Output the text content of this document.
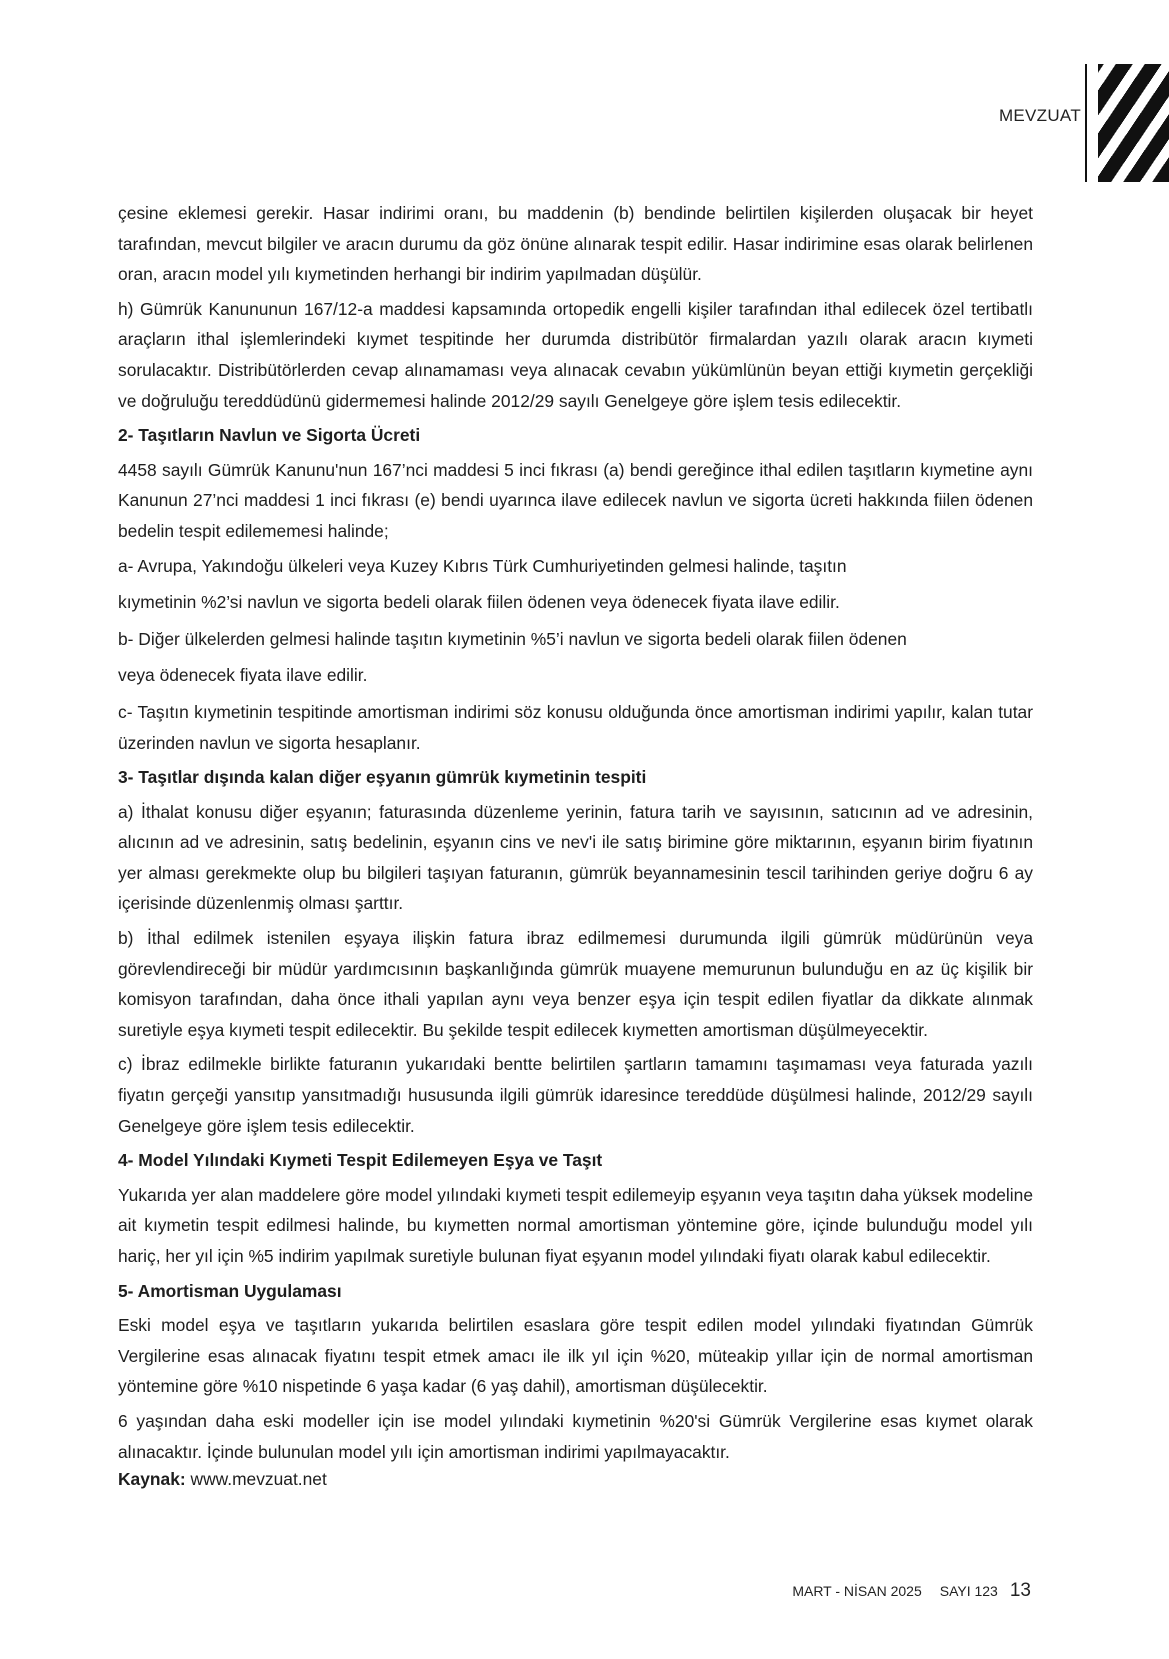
MEVZUAT

çesine eklemesi gerekir. Hasar indirimi oranı, bu maddenin (b) bendinde belirtilen kişilerden oluşacak bir heyet tarafından, mevcut bilgiler ve aracın durumu da göz önüne alınarak tespit edilir. Hasar indirimine esas olarak belirlenen oran, aracın model yılı kıymetinden herhangi bir indirim yapılmadan düşülür.

h) Gümrük Kanununun 167/12-a maddesi kapsamında ortopedik engelli kişiler tarafından ithal edilecek özel tertibatlı araçların ithal işlemlerindeki kıymet tespitinde her durumda distribütör firmalardan yazılı olarak aracın kıymeti sorulacaktır. Distribütörlerden cevap alınamaması veya alınacak cevabın yükümlünün beyan ettiği kıymetin gerçekliği ve doğruluğu tereddüdünü gidermemesi halinde 2012/29 sayılı Genelgeye göre işlem tesis edilecektir.

2- Taşıtların Navlun ve Sigorta Ücreti

4458 sayılı Gümrük Kanunu'nun 167’nci maddesi 5 inci fıkrası (a) bendi gereğince ithal edilen taşıtların kıymetine aynı Kanunun 27’nci maddesi 1 inci fıkrası (e) bendi uyarınca ilave edilecek navlun ve sigorta ücreti hakkında fiilen ödenen bedelin tespit edilememesi halinde;

a- Avrupa, Yakındoğu ülkeleri veya Kuzey Kıbrıs Türk Cumhuriyetinden gelmesi halinde, taşıtın

kıymetinin %2’si navlun ve sigorta bedeli olarak fiilen ödenen veya ödenecek fiyata ilave edilir.

b- Diğer ülkelerden gelmesi halinde taşıtın kıymetinin %5’i navlun ve sigorta bedeli olarak fiilen ödenen

veya ödenecek fiyata ilave edilir.

c- Taşıtın kıymetinin tespitinde amortisman indirimi söz konusu olduğunda önce amortisman indirimi yapılır, kalan tutar üzerinden navlun ve sigorta hesaplanır.

3- Taşıtlar dışında kalan diğer eşyanın gümrük kıymetinin tespiti

a) İthalat konusu diğer eşyanın; faturasında düzenleme yerinin, fatura tarih ve sayısının, satıcının ad ve adresinin, alıcının ad ve adresinin, satış bedelinin, eşyanın cins ve nev'i ile satış birimine göre miktarının, eşyanın birim fiyatının yer alması gerekmekte olup bu bilgileri taşıyan faturanın, gümrük beyannamesinin tescil tarihinden geriye doğru 6 ay içerisinde düzenlenmiş olması şarttır.

b) İthal edilmek istenilen eşyaya ilişkin fatura ibraz edilmemesi durumunda ilgili gümrük müdürünün veya görevlendireceği bir müdür yardımcısının başkanlığında gümrük muayene memurunun bulunduğu en az üç kişilik bir komisyon tarafından, daha önce ithali yapılan aynı veya benzer eşya için tespit edilen fiyatlar da dikkate alınmak suretiyle eşya kıymeti tespit edilecektir. Bu şekilde tespit edilecek kıymetten amortisman düşülmeyecektir.

c) İbraz edilmekle birlikte faturanın yukarıdaki bentte belirtilen şartların tamamını taşımaması veya faturada yazılı fiyatın gerçeği yansıtıp yansıtmadığı hususunda ilgili gümrük idaresince tereddüde düşülmesi halinde, 2012/29 sayılı Genelgeye göre işlem tesis edilecektir.

4- Model Yılındaki Kıymeti Tespit Edilemeyen Eşya ve Taşıt

Yukarıda yer alan maddelere göre model yılındaki kıymeti tespit edilemeyip eşyanın veya taşıtın daha yüksek modeline ait kıymetin tespit edilmesi halinde, bu kıymetten normal amortisman yöntemine göre, içinde bulunduğu model yılı hariç, her yıl için %5 indirim yapılmak suretiyle bulunan fiyat eşyanın model yılındaki fiyatı olarak kabul edilecektir.

5- Amortisman Uygulaması

Eski model eşya ve taşıtların yukarıda belirtilen esaslara göre tespit edilen model yılındaki fiyatından Gümrük Vergilerine esas alınacak fiyatını tespit etmek amacı ile ilk yıl için %20, müteakip yıllar için de normal amortisman yöntemine göre %10 nispetinde 6 yaşa kadar (6 yaş dahil), amortisman düşülecektir.

6 yaşından daha eski modeller için ise model yılındaki kıymetinin %20'si Gümrük Vergilerine esas kıymet olarak alınacaktır. İçinde bulunulan model yılı için amortisman indirimi yapılmayacaktır.

Kaynak: www.mevzuat.net

MART - NİSAN 2025 SAYI 123 13
